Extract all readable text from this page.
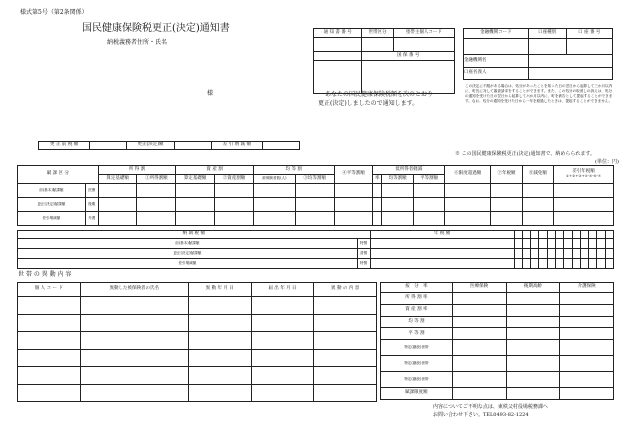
様式第5号（第2条関係）
国民健康保険税更正(決定)通知書
納税義務者住所・氏名
様	あなたの国民健康保険税額を次のとおり
更正(決定)しましたので通知します。
通 知 書 番 号	世帯区分	塗帯主個人コード

	国 保 番 号	

金融機関コード	口座種別	口 座 番 号

金融機関名		
口座名義人		
この決定に不服がある場合は、処分があったことを知った日の翌日から起算して三か月以内に、町長に対して審査請求をすることができます。また、この処分の取消しの訴えは、処分の通知を受けた日の翌日から起算して六か月以内に、町を被告として提起することができます。なお、処分の通知を受けた日から一年を経過したときは、提起することができません。
※ この国民健康保険税更正(決定)通知書で、納めらられます。
(単位：円)
更 正 前 税 額		更正(決定)額		差 引 増 減 額	
賦 課 区 分		所 得 割		資 産 割		均 等 割		④平等割額	低所得者軽減			⑥限度超過額	⑦年税額	⑧減免額	差引年税額
①+②+③+④-⑤-⑥-⑦
		算定基礎額	①所得割額	算定基礎額	②資産割額	被保険者数(人)	③均等割額		率	均等割額	平等割額				
前(基本)賦課額	医療														
更正(決定)賦課額	後期														
差引増減額	介護														
納 期 税 額		年 税 額												
前(基本)賦課額	特徴													
更正(決定)賦課額	普徴													
差引増減額	特徴													
世 帯 の 異 動 内 容
個 人 コ ー ド	異動した被保険者の氏名	異 動 年 月 日	届 出 年 月 日	異 動 の 内 容

					按　分　率	医療保険	後期高齢	介護保険
所 得 割 率			
資 産 割 率			
均 等 割			
平 等 割			
特定(継続)世帯			
特定(継続)世帯			
特定(継続)世帯			
賦課限度額			
内容についてご不明な点は、東秩父村役場税務課へ
お問い合わせ下さい。TEL0493-82-1224
